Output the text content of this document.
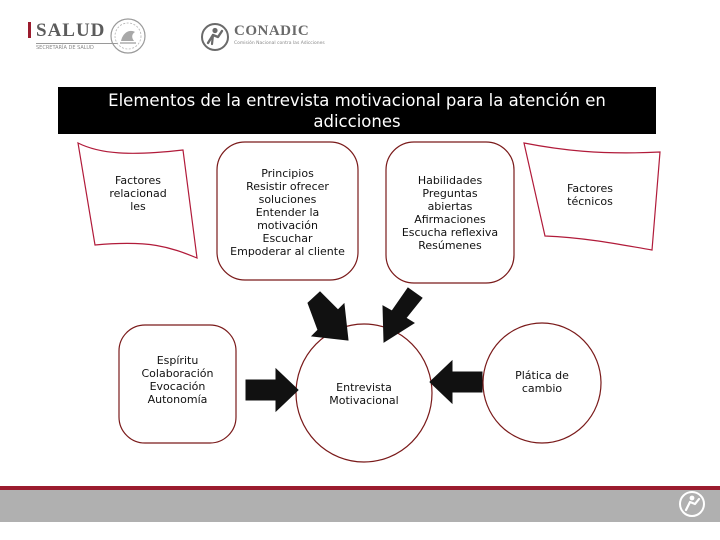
SALUD
SECRETARÍA DE SALUD
CONADIC
Comisión Nacional contra las Adicciones
Elementos de la entrevista motivacional para la atención en
adicciones
Factores
relacionad
les
Principios
Resistir ofrecer
soluciones
Entender la
motivación
Escuchar
Empoderar al cliente
Habilidades
Preguntas
abiertas
Afirmaciones
Escucha reflexiva
Resúmenes
Factores
técnicos
Espíritu
Colaboración
Evocación
Autonomía
Entrevista
Motivacional
Plática de
cambio
